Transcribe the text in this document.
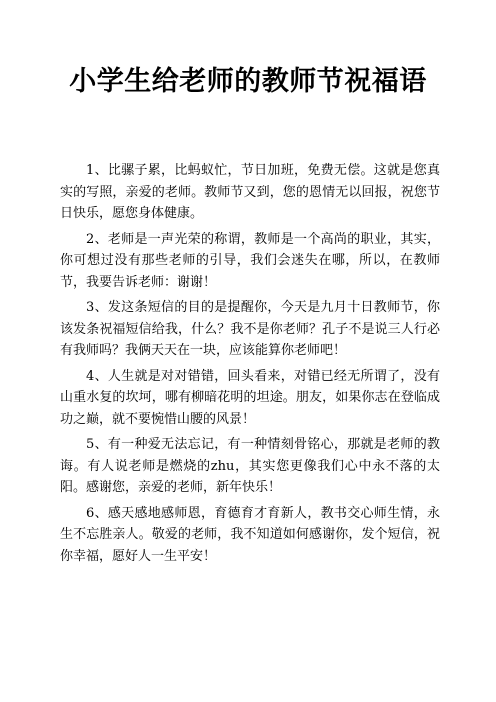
小学生给老师的教师节祝福语

1、比骡子累，比蚂蚁忙，节日加班，免费无偿。这就是您真实的写照，亲爱的老师。教师节又到，您的恩情无以回报，祝您节日快乐，愿您身体健康。

2、老师是一声光荣的称谓，教师是一个高尚的职业，其实，你可想过没有那些老师的引导，我们会迷失在哪，所以，在教师节，我要告诉老师：谢谢！

3、发这条短信的目的是提醒你，今天是九月十日教师节，你该发条祝福短信给我，什么？我不是你老师？孔子不是说三人行必有我师吗？我俩天天在一块，应该能算你老师吧！

4、人生就是对对错错，回头看来，对错已经无所谓了，没有山重水复的坎坷，哪有柳暗花明的坦途。朋友，如果你志在登临成功之巅，就不要惋惜山腰的风景！

5、有一种爱无法忘记，有一种情刻骨铭心，那就是老师的教诲。有人说老师是燃烧的zhu，其实您更像我们心中永不落的太阳。感谢您，亲爱的老师，新年快乐！

6、感天感地感师恩，育德育才育新人，教书交心师生情，永生不忘胜亲人。敬爱的老师，我不知道如何感谢你，发个短信，祝你幸福，愿好人一生平安！
